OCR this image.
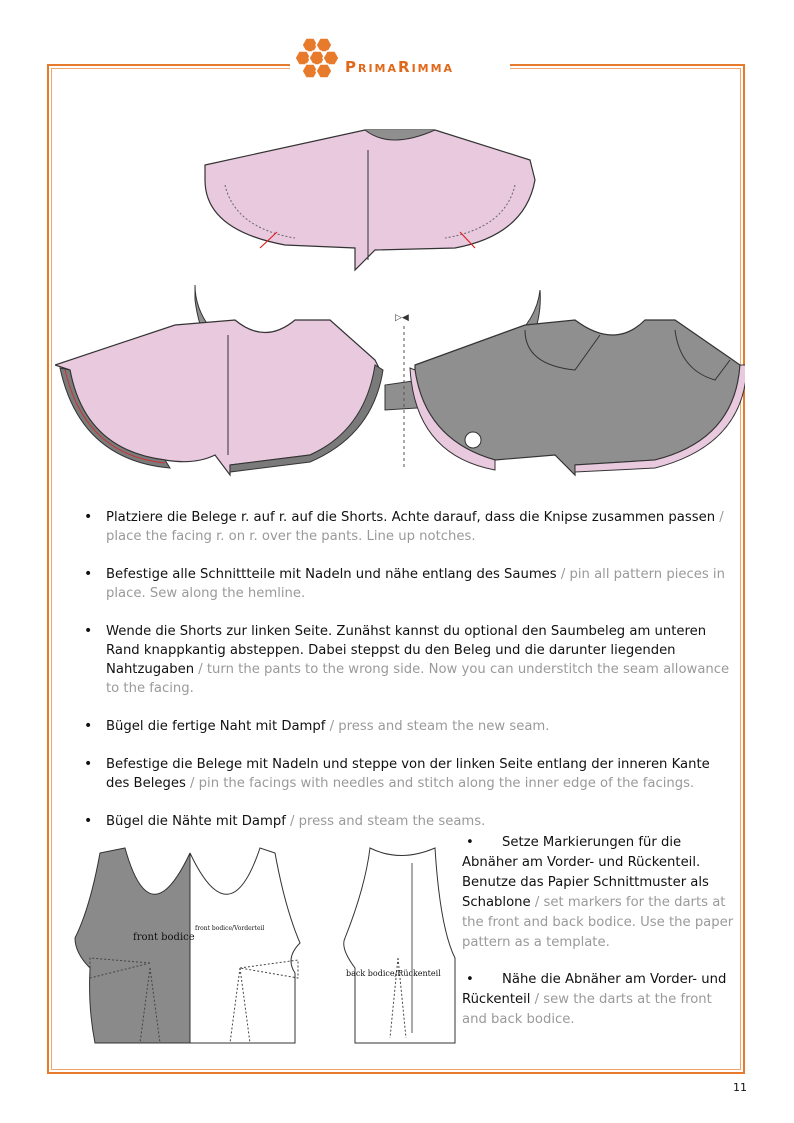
PrimaRimma
▷◀
• Platziere die Belege r. auf r. auf die Shorts. Achte darauf, dass die Knipse zusammen passen / place the facing r. on r. over the pants. Line up notches.
• Befestige alle Schnittteile mit Nadeln und nähe entlang des Saumes / pin all pattern pieces in place. Sew along the hemline.
• Wende die Shorts zur linken Seite. Zunähst kannst du optional den Saumbeleg am unteren Rand knappkantig absteppen. Dabei steppst du den Beleg und die darunter liegenden Nahtzugaben / turn the pants to the wrong side. Now you can understitch the seam allowance to the facing.
• Bügel die fertige Naht mit Dampf / press and steam the new seam.
• Befestige die Belege mit Nadeln und steppe von der linken Seite entlang der inneren Kante des Beleges / pin the facings with needles and stitch along the inner edge of the facings.
• Bügel die Nähte mit Dampf / press and steam the seams.
front bodice
front bodice/Vorderteil
back bodice/Rückenteil

• Setze Markierungen für die Abnäher am Vorder- und Rückenteil. Benutze das Papier Schnittmuster als Schablone / set markers for the darts at the front and back bodice. Use the paper pattern as a template.

• Nähe die Abnäher am Vorder- und Rückenteil / sew the darts at the front and back bodice.

11
